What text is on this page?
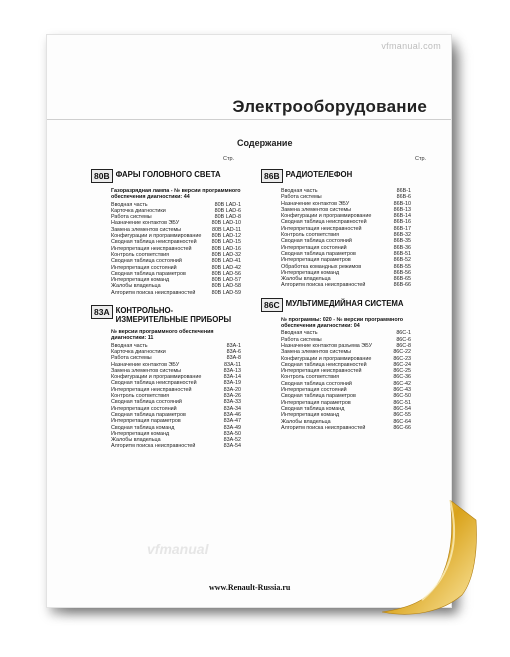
vfmanual.com
Электрооборудование
Содержание
Стр.	Стр.
80B ФАРЫ ГОЛОВНОГО СВЕТА
Газоразрядная лампа - № версии программного обеспечения диагностики: 44
Вводная часть	80B LAD-1
Карточка диагностики	80B LAD-6
Работа системы	80B LAD-8
Назначение контактов ЭБУ	80B LAD-10
Замена элементов системы	80B LAD-11
Конфигурации и программирование	80B LAD-12
Сводная таблица неисправностей	80B LAD-15
Интерпретация неисправностей	80B LAD-16
Контроль соответствия	80B LAD-32
Сводная таблица состояний	80B LAD-41
Интерпретация состояний	80B LAD-42
Сводная таблица параметров	80B LAD-56
Интерпретация команд	80B LAD-57
Жалобы владельца	80B LAD-58
Алгоритм поиска неисправностей	80B LAD-59
83A КОНТРОЛЬНО-ИЗМЕРИТЕЛЬНЫЕ ПРИБОРЫ
№ версии программного обеспечения диагностики: 11
Вводная часть	83A-1
Карточка диагностики	83A-6
Работа системы	83A-8
Назначение контактов ЭБУ	83A-11
Замена элементов системы	83A-13
Конфигурации и программирование	83A-14
Сводная таблица неисправностей	83A-19
Интерпретация неисправностей	83A-20
Контроль соответствия	83A-26
Сводная таблица состояний	83A-33
Интерпретация состояний	83A-34
Сводная таблица параметров	83A-46
Интерпретация параметров	83A-47
Сводная таблица команд	83A-49
Интерпретация команд	83A-50
Жалобы владельца	83A-52
Алгоритм поиска неисправностей	83A-54
86B РАДИОТЕЛЕФОН
Вводная часть	86B-1
Работа системы	86B-6
Назначение контактов ЭБУ	86B-10
Замена элементов системы	86B-13
Конфигурации и программирование	86B-14
Сводная таблица неисправностей	86B-16
Интерпретация неисправностей	86B-17
Контроль соответствия	86B-32
Сводная таблица состояний	86B-35
Интерпретация состояний	86B-36
Сводная таблица параметров	86B-51
Интерпретация параметров	86B-52
Обработка командных режимов	86B-55
Интерпретация команд	86B-56
Жалобы владельца	86B-65
Алгоритм поиска неисправностей	86B-66
86C МУЛЬТИМЕДИЙНАЯ СИСТЕМА
№ программы: 020 - № версии программного обеспечения диагностики: 04
Вводная часть	86C-1
Работа системы	86C-6
Назначение контактов разъема ЭБУ	86C-8
Замена элементов системы	86C-22
Конфигурации и программирование	86C-23
Сводная таблица неисправностей	86C-24
Интерпретация неисправностей	86C-25
Контроль соответствия	86C-36
Сводная таблица состояний	86C-42
Интерпретация состояний	86C-43
Сводная таблица параметров	86C-50
Интерпретация параметров	86C-51
Сводная таблица команд	86C-54
Интерпретация команд	86C-55
Жалобы владельца	86C-64
Алгоритм поиска неисправностей	86C-66
vfmanual
www.Renault-Russia.ru
